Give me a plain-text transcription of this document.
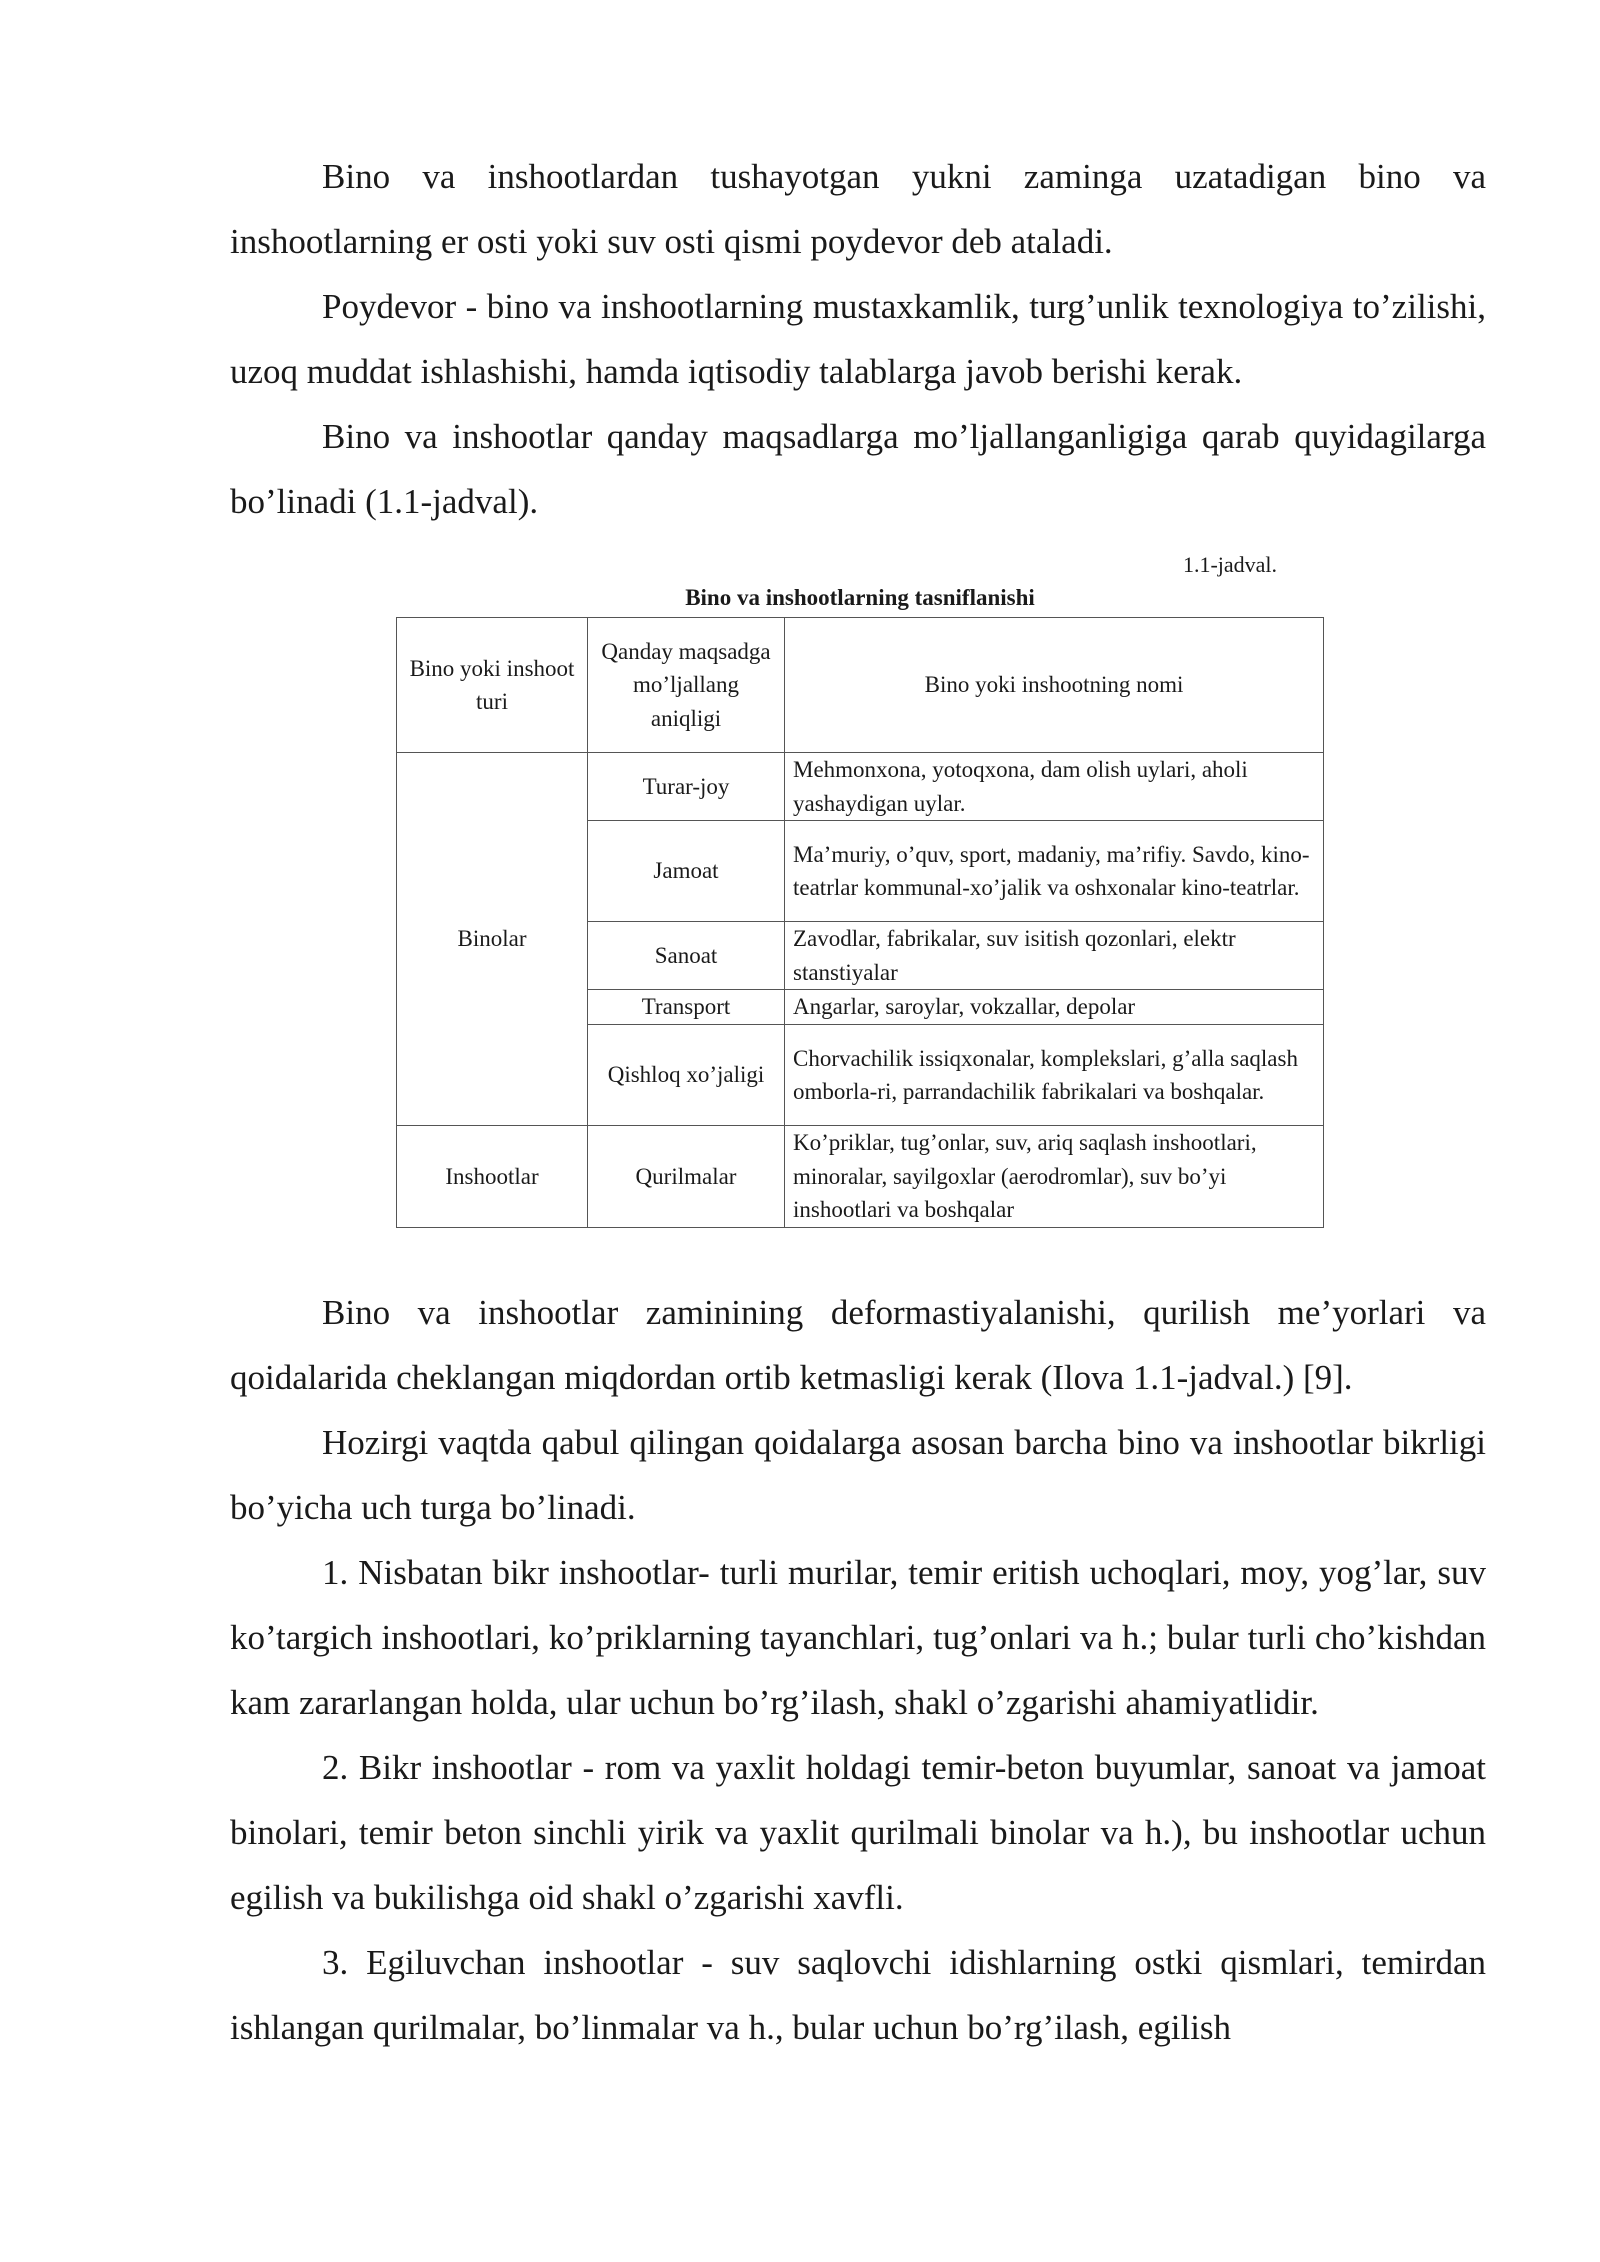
Bino va inshootlardan tushayotgan yukni zaminga uzatadigan bino va inshootlarning er osti yoki suv osti qismi poydevor deb ataladi.

Poydevor - bino va inshootlarning mustaxkamlik, turg’unlik texnologiya to’zilishi, uzoq muddat ishlashishi, hamda iqtisodiy talablarga javob berishi kerak.

Bino va inshootlar qanday maqsadlarga mo’ljallanganligiga qarab quyidagilarga bo’linadi (1.1-jadval).

1.1-jadval.
Bino va inshootlarning tasniflanishi
Bino yoki inshoot turi	Qanday maqsadga mo’ljallang aniqligi	Bino yoki inshootning nomi
Binolar	Turar-joy	Mehmonxona, yotoqxona, dam olish uylari, aholi yashaydigan uylar.
	Jamoat	Ma’muriy, o’quv, sport, madaniy, ma’rifiy. Savdo, kino-teatrlar kommunal-xo’jalik va oshxonalar kino-teatrlar.
	Sanoat	Zavodlar, fabrikalar, suv isitish qozonlari, elektr stanstiyalar
	Transport	Angarlar, saroylar, vokzallar, depolar
	Qishloq xo’jaligi	Chorvachilik issiqxonalar, komplekslari, g’alla saqlash omborla-ri, parrandachilik fabrikalari va boshqalar.
Inshootlar	Qurilmalar	Ko’priklar, tug’onlar, suv, ariq saqlash inshootlari, minoralar, sayilgoxlar (aerodromlar), suv bo’yi inshootlari va boshqalar

Bino va inshootlar zaminining deformastiyalanishi, qurilish me’yorlari va qoidalarida cheklangan miqdordan ortib ketmasligi kerak (Ilova 1.1-jadval.) [9].

Hozirgi vaqtda qabul qilingan qoidalarga asosan barcha bino va inshootlar bikrligi bo’yicha uch turga bo’linadi.

1. Nisbatan bikr inshootlar- turli murilar, temir eritish uchoqlari, moy, yog’lar, suv ko’targich inshootlari, ko’priklarning tayanchlari, tug’onlari va h.; bular turli cho’kishdan kam zararlangan holda, ular uchun bo’rg’ilash, shakl o’zgarishi ahamiyatlidir.

2. Bikr inshootlar - rom va yaxlit holdagi temir-beton buyumlar, sanoat va jamoat binolari, temir beton sinchli yirik va yaxlit qurilmali binolar va h.), bu inshootlar uchun egilish va bukilishga oid shakl o’zgarishi xavfli.

3. Egiluvchan inshootlar - suv saqlovchi idishlarning ostki qismlari, temirdan ishlangan qurilmalar, bo’linmalar va h., bular uchun bo’rg’ilash, egilish
